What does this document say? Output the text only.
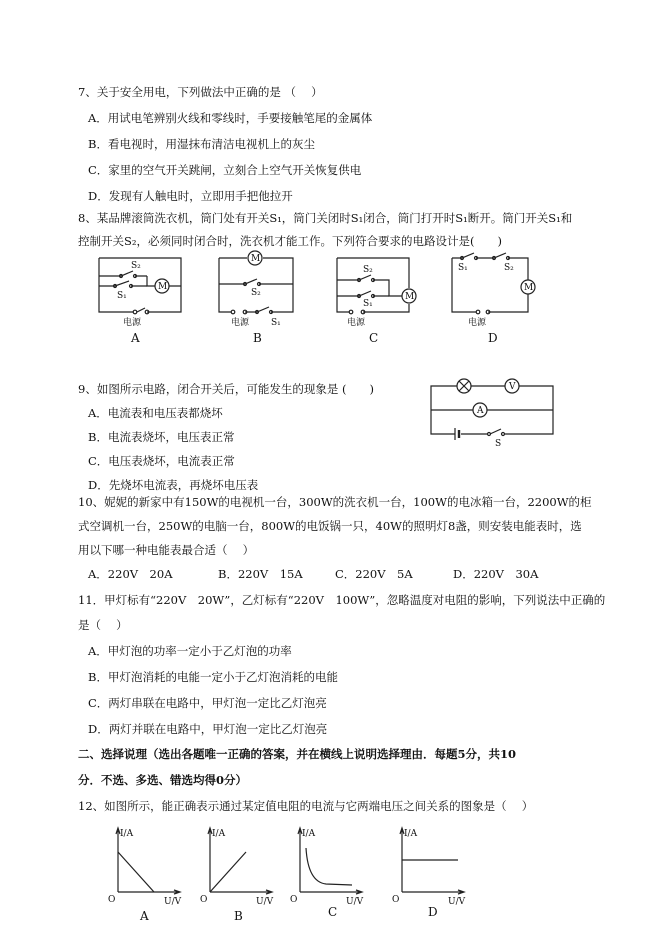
7、关于安全用电，下列做法中正确的是 （　 ）
A．用试电笔辨别火线和零线时，手要接触笔尾的金属体
B．看电视时，用湿抹布清洁电视机上的灰尘
C．家里的空气开关跳闸，立刻合上空气开关恢复供电
D．发现有人触电时，立即用手把他拉开
8、某品牌滚筒洗衣机，筒门处有开关S₁，筒门关闭时S₁闭合，筒门打开时S₁断开。筒门开关S₁和
控制开关S₂，必须同时闭合时，洗衣机才能工作。下列符合要求的电路设计是(　　)
M
S₂
S₁
电源
A
M
S₂
电源 S₁
B
M
S₂
S₁
电源
C
M
S₁	S₂
电源
D
9、如图所示电路，闭合开关后，可能发生的现象是 (　　)
A．电流表和电压表都烧坏
B．电流表烧坏，电压表正常
C．电压表烧坏，电流表正常
D．先烧坏电流表，再烧坏电压表
V
A
S
10、妮妮的新家中有150W的电视机一台，300W的洗衣机一台，100W的电冰箱一台，2200W的柜
式空调机一台，250W的电脑一台，800W的电饭锅一只，40W的照明灯8盏，则安装电能表时，选
用以下哪一种电能表最合适（　 ）
A．220V　20A	B．220V　15A	C．220V　5A	D．220V　30A
11．甲灯标有“220V　20W”，乙灯标有“220V　100W”，忽略温度对电阻的影响，下列说法中正确的
是（　 ）
A．甲灯泡的功率一定小于乙灯泡的功率
B．甲灯泡消耗的电能一定小于乙灯泡消耗的电能
C．两灯串联在电路中，甲灯泡一定比乙灯泡亮
D．两灯并联在电路中，甲灯泡一定比乙灯泡亮
二、选择说理（选出各题唯一正确的答案，并在横线上说明选择理由．每题5分，共10
分．不选、多选、错选均得0分）
12、如图所示，能正确表示通过某定值电阻的电流与它两端电压之间关系的图象是（　 ）
I/A
U/V
O
A
I/A
U/V
O
B
I/A
U/V
O
C
I/A
U/V
O
D
